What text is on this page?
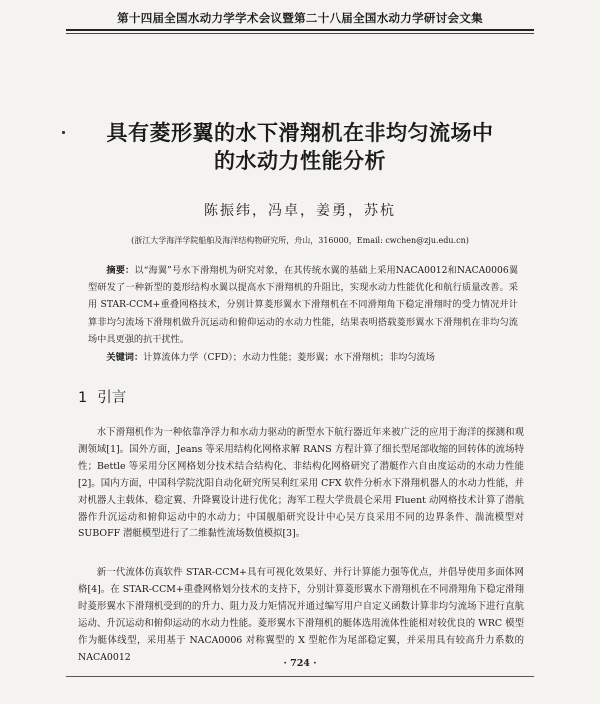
第十四届全国水动力学学术会议暨第二十八届全国水动力学研讨会文集
具有菱形翼的水下滑翔机在非均匀流场中
的水动力性能分析
陈振纬，冯卓，姜勇，苏杭
(浙江大学海洋学院船舶及海洋结构物研究所，舟山，316000，Email: cwchen@zju.edu.cn)
摘要：以“海翼”号水下滑翔机为研究对象，在其传统水翼的基础上采用NACA0012和NACA0006翼型研发了一种新型的菱形结构水翼以提高水下滑翔机的升阻比，实现水动力性能优化和航行质量改善。采用 STAR-CCM+重叠网格技术，分别计算菱形翼水下滑翔机在不同滑翔角下稳定滑翔时的受力情况并计算非均匀流场下滑翔机做升沉运动和俯仰运动的水动力性能，结果表明搭载菱形翼水下滑翔机在非均匀流场中具更强的抗干扰性。
关键词：计算流体力学（CFD）；水动力性能；菱形翼；水下滑翔机；非均匀流场
1 引言
水下滑翔机作为一种依靠净浮力和水动力驱动的新型水下航行器近年来被广泛的应用于海洋的探测和观测领域[1]。国外方面，Jeans 等采用结构化网格求解 RANS 方程计算了细长型尾部收缩的回转体的流场特性；Bettle 等采用分区网格划分技术结合结构化、非结构化网格研究了潜艇作六自由度运动的水动力性能[2]。国内方面，中国科学院沈阳自动化研究所吴利红采用 CFX 软件分析水下滑翔机器人的水动力性能，并对机器人主载体、稳定翼、升降翼设计进行优化；海军工程大学贵晨仑采用 Fluent 动网格技术计算了潜航器作升沉运动和俯仰运动中的水动力；中国舰船研究设计中心吴方良采用不同的边界条件、湍流模型对 SUBOFF 潜艇模型进行了二维黏性流场数值模拟[3]。
新一代流体仿真软件 STAR-CCM+具有可视化效果好、并行计算能力强等优点，并倡导使用多面体网格[4]。在 STAR-CCM+重叠网格划分技术的支持下，分别计算菱形翼水下滑翔机在不同滑翔角下稳定滑翔时菱形翼水下滑翔机受到的的升力、阻力及力矩情况并通过编写用户自定义函数计算非均匀流场下进行直航运动、升沉运动和俯仰运动的水动力性能。菱形翼水下滑翔机的艇体选用流体性能相对较优良的 WRC 模型作为艇体线型，采用基于 NACA0006 对称翼型的 X 型舵作为尾部稳定翼，并采用具有较高升力系数的 NACA0012
· 724 ·
